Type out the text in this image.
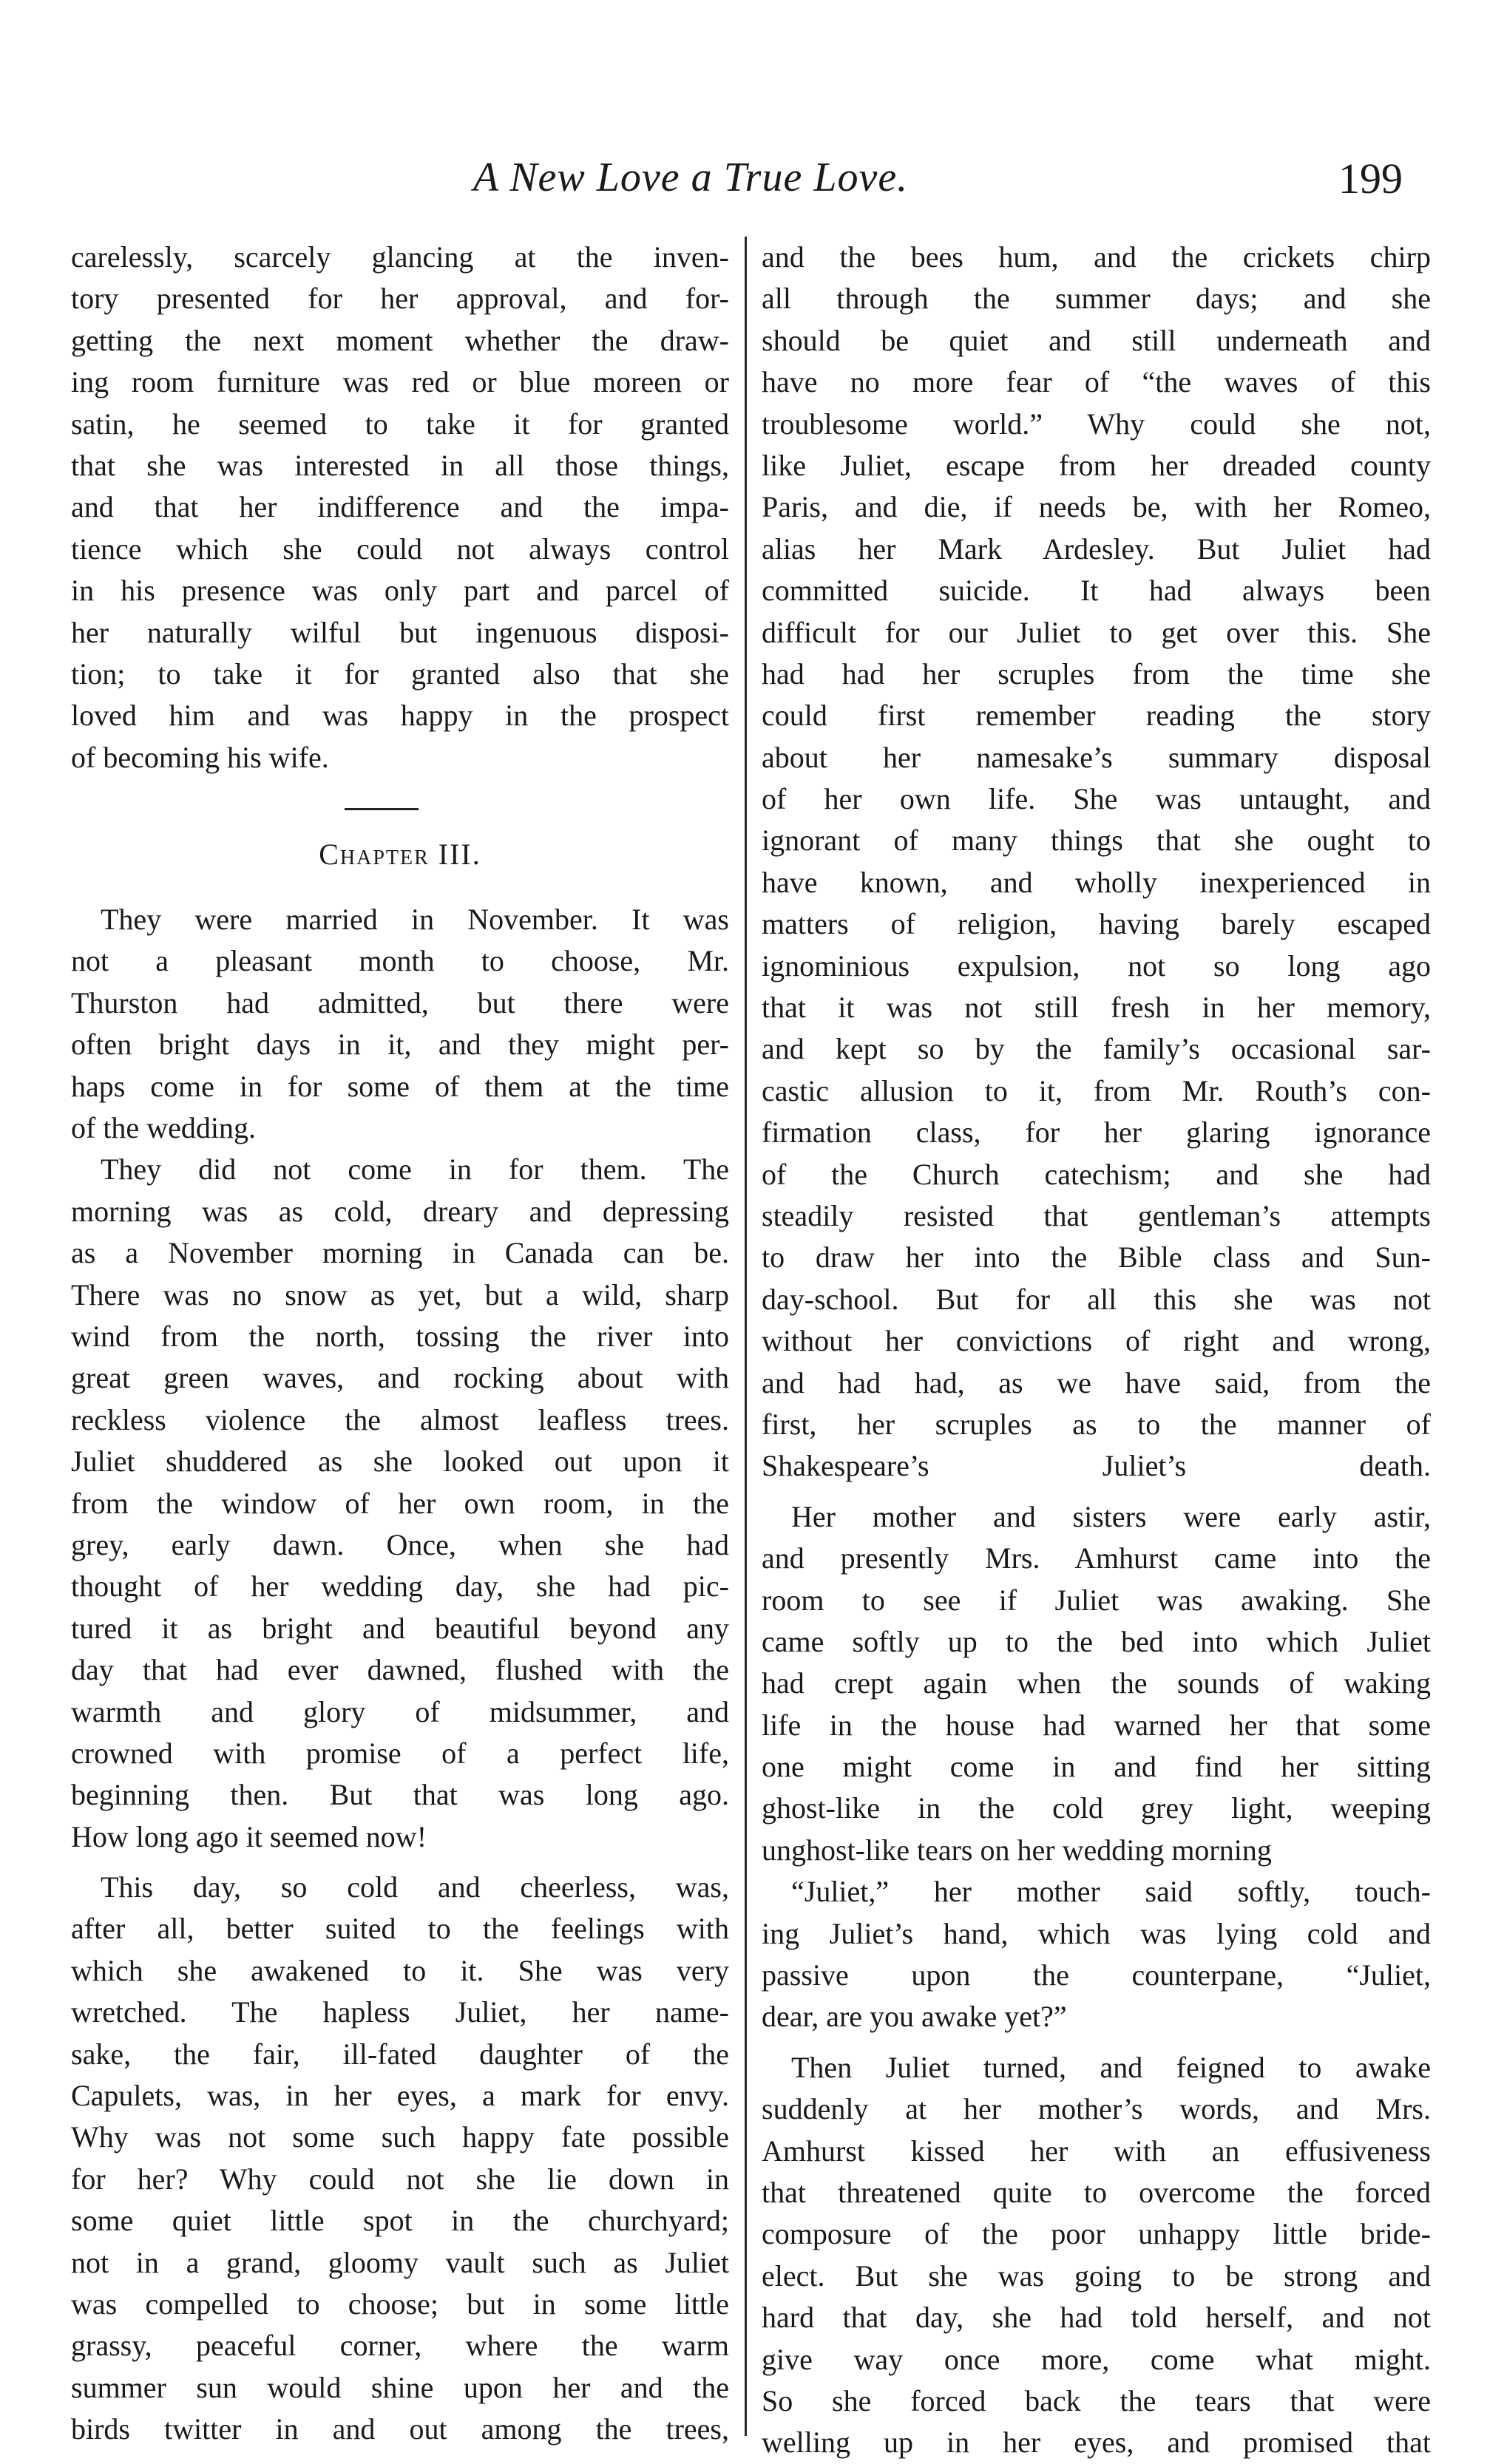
A New Love a True Love.	199
carelessly, scarcely glancing at the inven-
tory presented for her approval, and for-
getting the next moment whether the draw-
ing room furniture was red or blue moreen or
satin, he seemed to take it for granted
that she was interested in all those things,
and that her indifference and the impa-
tience which she could not always control
in his presence was only part and parcel of
her naturally wilful but ingenuous disposi-
tion; to take it for granted also that she
loved him and was happy in the prospect
of becoming his wife.
Chapter III.
They were married in November. It was
not a pleasant month to choose, Mr.
Thurston had admitted, but there were
often bright days in it, and they might per-
haps come in for some of them at the time
of the wedding.
They did not come in for them. The
morning was as cold, dreary and depressing
as a November morning in Canada can be.
There was no snow as yet, but a wild, sharp
wind from the north, tossing the river into
great green waves, and rocking about with
reckless violence the almost leafless trees.
Juliet shuddered as she looked out upon it
from the window of her own room, in the
grey, early dawn. Once, when she had
thought of her wedding day, she had pic-
tured it as bright and beautiful beyond any
day that had ever dawned, flushed with the
warmth and glory of midsummer, and
crowned with promise of a perfect life,
beginning then. But that was long ago.
How long ago it seemed now!
This day, so cold and cheerless, was,
after all, better suited to the feelings with
which she awakened to it. She was very
wretched. The hapless Juliet, her name-
sake, the fair, ill-fated daughter of the
Capulets, was, in her eyes, a mark for envy.
Why was not some such happy fate possible
for her? Why could not she lie down in
some quiet little spot in the churchyard;
not in a grand, gloomy vault such as Juliet
was compelled to choose; but in some little
grassy, peaceful corner, where the warm
summer sun would shine upon her and the
birds twitter in and out among the trees,
and the bees hum, and the crickets chirp
all through the summer days; and she
should be quiet and still underneath and
have no more fear of “the waves of this
troublesome world.” Why could she not,
like Juliet, escape from her dreaded county
Paris, and die, if needs be, with her Romeo,
alias her Mark Ardesley. But Juliet had
committed suicide. It had always been
difficult for our Juliet to get over this. She
had had her scruples from the time she
could first remember reading the story
about her namesake’s summary disposal
of her own life. She was untaught, and
ignorant of many things that she ought to
have known, and wholly inexperienced in
matters of religion, having barely escaped
ignominious expulsion, not so long ago
that it was not still fresh in her memory,
and kept so by the family’s occasional sar-
castic allusion to it, from Mr. Routh’s con-
firmation class, for her glaring ignorance
of the Church catechism; and she had
steadily resisted that gentleman’s attempts
to draw her into the Bible class and Sun-
day-school. But for all this she was not
without her convictions of right and wrong,
and had had, as we have said, from the
first, her scruples as to the manner of
Shakespeare’s Juliet’s death.
Her mother and sisters were early astir,
and presently Mrs. Amhurst came into the
room to see if Juliet was awaking. She
came softly up to the bed into which Juliet
had crept again when the sounds of waking
life in the house had warned her that some
one might come in and find her sitting
ghost-like in the cold grey light, weeping
unghost-like tears on her wedding morning
“Juliet,” her mother said softly, touch-
ing Juliet’s hand, which was lying cold and
passive upon the counterpane, “Juliet,
dear, are you awake yet?”
Then Juliet turned, and feigned to awake
suddenly at her mother’s words, and Mrs.
Amhurst kissed her with an effusiveness
that threatened quite to overcome the forced
composure of the poor unhappy little bride-
elect. But she was going to be strong and
hard that day, she had told herself, and not
give way once more, come what might.
So she forced back the tears that were
welling up in her eyes, and promised that
